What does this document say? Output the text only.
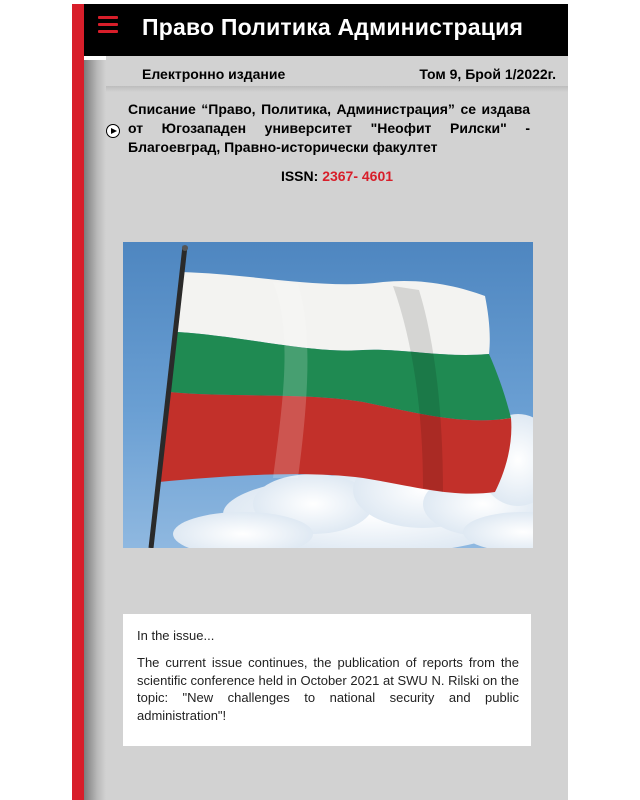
Право Политика Администрация
Електронно издание	Том 9, Брой 1/2022г.
Списание “Право, Политика, Администрация” се издава от Югозападен университет "Неофит Рилски" - Благоевград, Правно-исторически факултет
ISSN: 2367- 4601
In the issue...
The current issue continues, the publication of reports from the scientific conference held in October 2021 at SWU N. Rilski on the topic: "New challenges to national security and public administration"!
